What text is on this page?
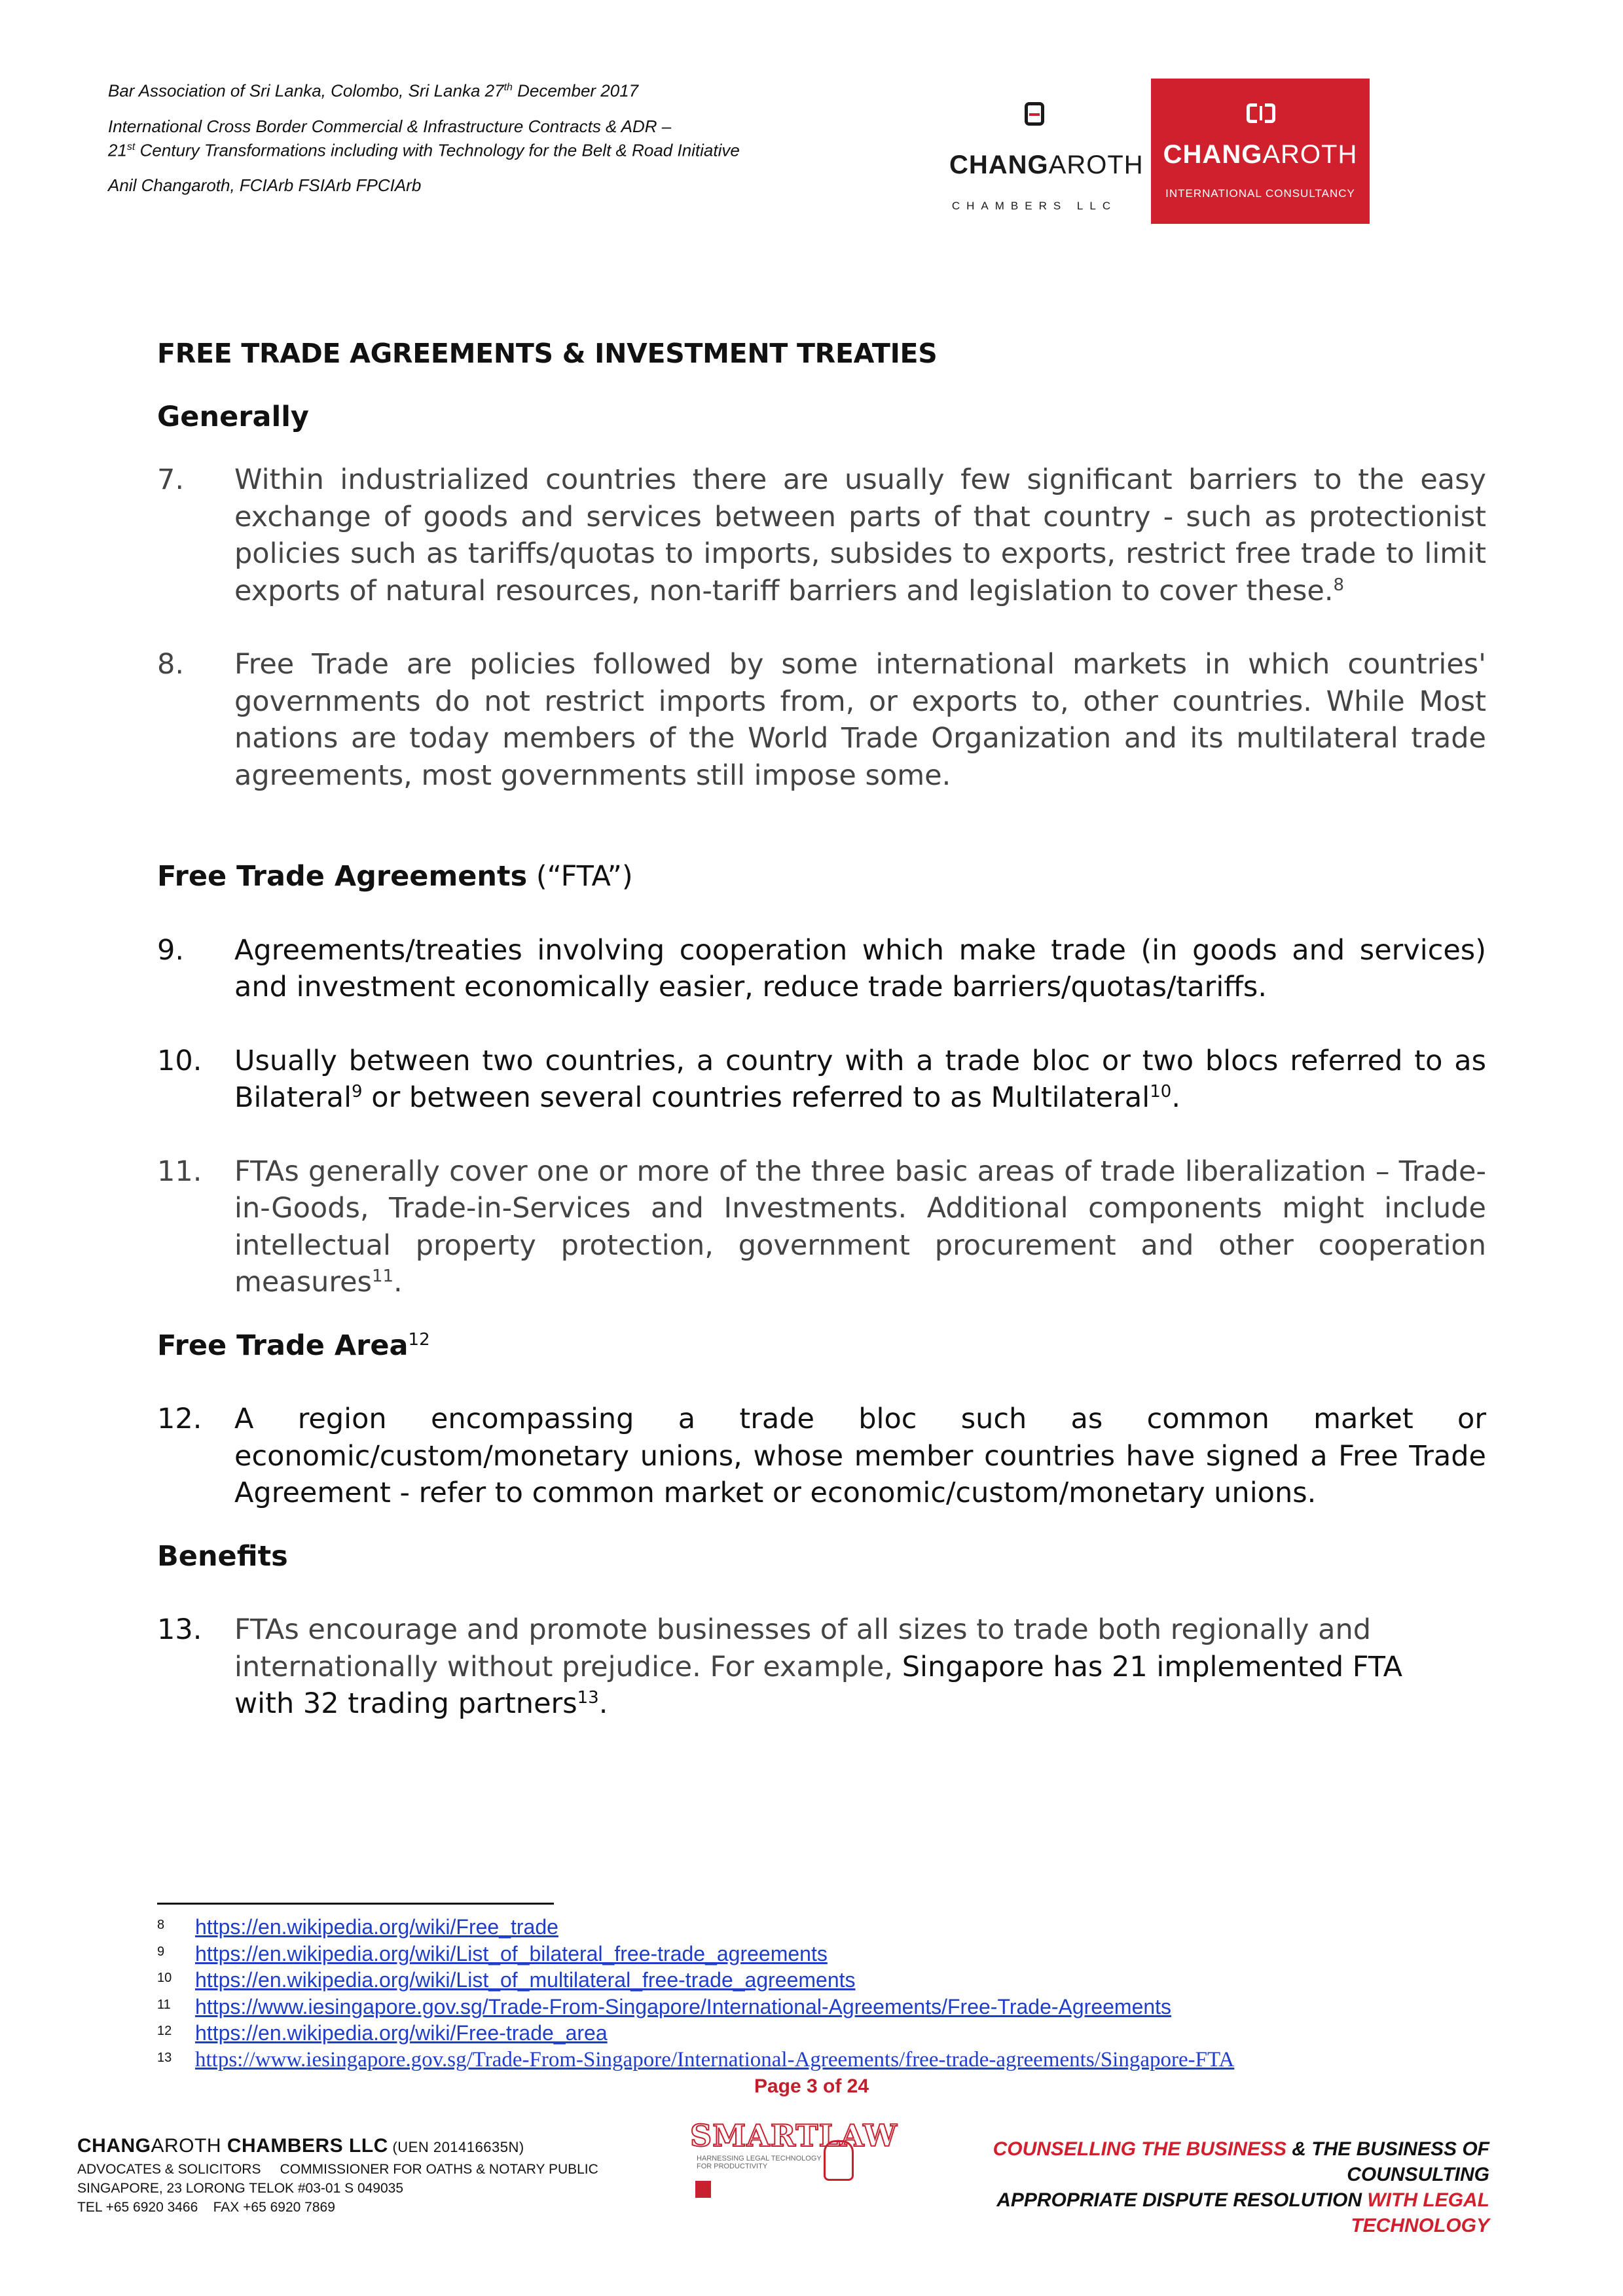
Bar Association of Sri Lanka, Colombo, Sri Lanka 27th December 2017

International Cross Border Commercial & Infrastructure Contracts & ADR –

21st Century Transformations including with Technology for the Belt & Road Initiative

Anil Changaroth, FCIArb FSIArb FPCIArb

CHANGAROTH
CHAMBERS LLC
CHANGAROTH
INTERNATIONAL CONSULTANCY

FREE TRADE AGREEMENTS & INVESTMENT TREATIES

Generally

7. Within industrialized countries there are usually few significant barriers to the easy exchange of goods and services between parts of that country - such as protectionist policies such as tariffs/quotas to imports, subsides to exports, restrict free trade to limit exports of natural resources, non-tariff barriers and legislation to cover these.$^8$
8. Free Trade are policies followed by some international markets in which countries' governments do not restrict imports from, or exports to, other countries. While Most nations are today members of the World Trade Organization and its multilateral trade agreements, most governments still impose some.

Free Trade Agreements (“FTA”)

9. Agreements/treaties involving cooperation which make trade (in goods and services) and investment economically easier, reduce trade barriers/quotas/tariffs.
10. Usually between two countries, a country with a trade bloc or two blocs referred to as Bilateral$^9$ or between several countries referred to as Multilateral$^{10}$.
11. FTAs generally cover one or more of the three basic areas of trade liberalization – Trade-in-Goods, Trade-in-Services and Investments. Additional components might include intellectual property protection, government procurement and other cooperation measures$^{11}$.

Free Trade Area$^{12}$

12. A region encompassing a trade bloc such as common market or economic/custom/monetary unions, whose member countries have signed a Free Trade Agreement - refer to common market or economic/custom/monetary unions.

Benefits

13. FTAs encourage and promote businesses of all sizes to trade both regionally and internationally without prejudice. For example, Singapore has 21 implemented FTA with 32 trading partners$^{13}$.
8 https://en.wikipedia.org/wiki/Free_trade
9 https://en.wikipedia.org/wiki/List_of_bilateral_free-trade_agreements
10 https://en.wikipedia.org/wiki/List_of_multilateral_free-trade_agreements
11 https://www.iesingapore.gov.sg/Trade-From-Singapore/International-Agreements/Free-Trade-Agreements
12 https://en.wikipedia.org/wiki/Free-trade_area
13 https://www.iesingapore.gov.sg/Trade-From-Singapore/International-Agreements/free-trade-agreements/Singapore-FTA
Page 3 of 24
CHANGAROTH CHAMBERS LLC (UEN 201416635N)
ADVOCATES & SOLICITORS     COMMISSIONER FOR OATHS & NOTARY PUBLIC
SINGAPORE, 23 LORONG TELOK #03-01 S 049035
TEL +65 6920 3466    FAX +65 6920 7869
SMARTLAW
HARNESSING LEGAL TECHNOLOGY
FOR PRODUCTIVITY
COUNSELLING THE BUSINESS & THE BUSINESS OF COUNSULTING
APPROPRIATE DISPUTE RESOLUTION WITH LEGAL TECHNOLOGY
